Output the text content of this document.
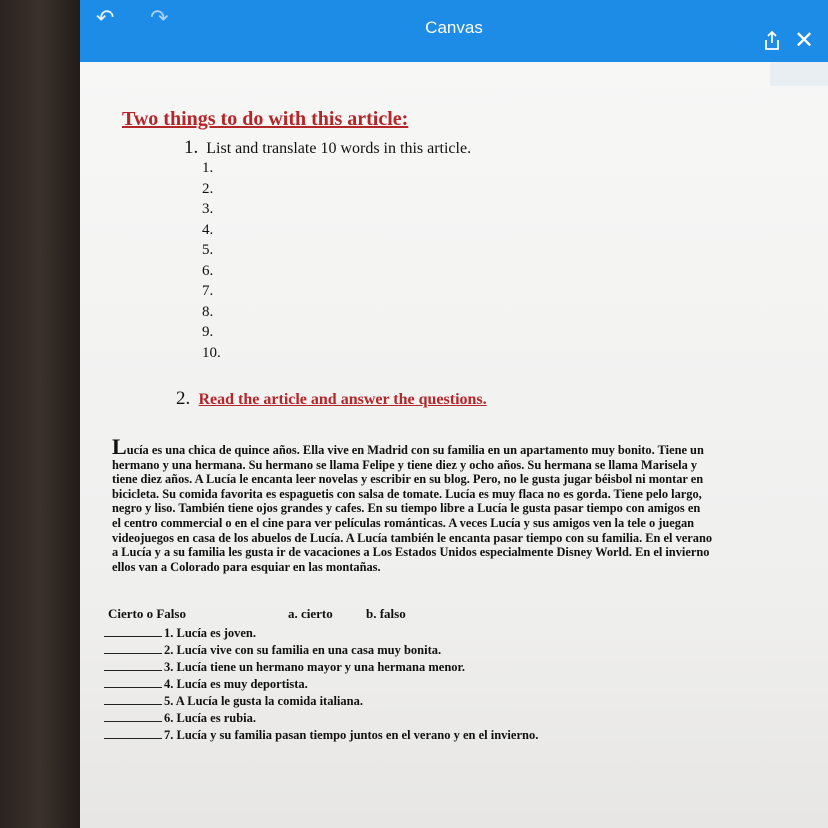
↶ ↷	Canvas	✕
Two things to do with this article:
1. List and translate 10 words in this article.
1.
2.
3.
4.
5.
6.
7.
8.
9.
10.
2. Read the article and answer the questions.
Lucía es una chica de quince años. Ella vive en Madrid con su familia en un apartamento muy bonito. Tiene un
hermano y una hermana. Su hermano se llama Felipe y tiene diez y ocho años. Su hermana se llama Marisela y
tiene diez años. A Lucía le encanta leer novelas y escribir en su blog. Pero, no le gusta jugar béisbol ni montar en
bicicleta. Su comida favorita es espaguetis con salsa de tomate. Lucía es muy flaca no es gorda. Tiene pelo largo,
negro y liso. También tiene ojos grandes y cafes. En su tiempo libre a Lucía le gusta pasar tiempo con amigos en
el centro commercial o en el cine para ver películas románticas. A veces Lucía y sus amigos ven la tele o juegan
videojuegos en casa de los abuelos de Lucía. A Lucía también le encanta pasar tiempo con su familia. En el verano
a Lucía y a su familia les gusta ir de vacaciones a Los Estados Unidos especialmente Disney World. En el invierno
ellos van a Colorado para esquiar en las montañas.
Cierto o Falso	a. cierto	b. falso
1. Lucía es joven.
2. Lucía vive con su familia en una casa muy bonita.
3. Lucía tiene un hermano mayor y una hermana menor.
4. Lucía es muy deportista.
5. A Lucía le gusta la comida italiana.
6. Lucía es rubia.
7. Lucía y su familia pasan tiempo juntos en el verano y en el invierno.
